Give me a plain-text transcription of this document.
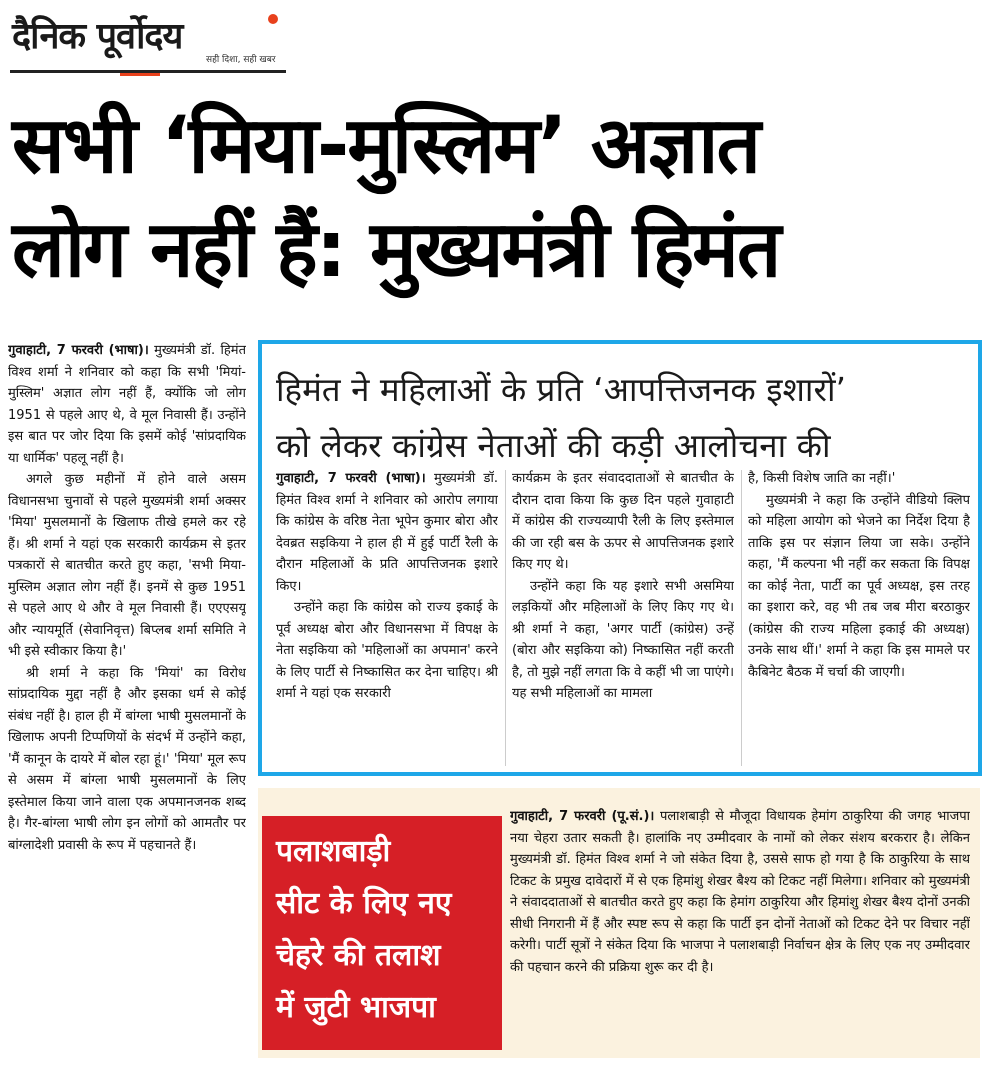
दैनिक पूर्वोदय
सही दिशा, सही खबर
सभी ‘मिया-मुस्लिम’ अज्ञात
लोग नहीं हैं: मुख्यमंत्री हिमंत

गुवाहाटी, 7 फरवरी (भाषा)। मुख्यमंत्री डॉ. हिमंत विश्व शर्मा ने शनिवार को कहा कि सभी 'मियां-मुस्लिम' अज्ञात लोग नहीं हैं, क्योंकि जो लोग 1951 से पहले आए थे, वे मूल निवासी हैं। उन्होंने इस बात पर जोर दिया कि इसमें कोई 'सांप्रदायिक या धार्मिक' पहलू नहीं है।

अगले कुछ महीनों में होने वाले असम विधानसभा चुनावों से पहले मुख्यमंत्री शर्मा अक्सर 'मिया' मुसलमानों के खिलाफ तीखे हमले कर रहे हैं। श्री शर्मा ने यहां एक सरकारी कार्यक्रम से इतर पत्रकारों से बातचीत करते हुए कहा, 'सभी मिया-मुस्लिम अज्ञात लोग नहीं हैं। इनमें से कुछ 1951 से पहले आए थे और वे मूल निवासी हैं। एएएसयू और न्यायमूर्ति (सेवानिवृत्त) बिप्लब शर्मा समिति ने भी इसे स्वीकार किया है।'

श्री शर्मा ने कहा कि 'मियां' का विरोध सांप्रदायिक मुद्दा नहीं है और इसका धर्म से कोई संबंध नहीं है। हाल ही में बांग्ला भाषी मुसलमानों के खिलाफ अपनी टिप्पणियों के संदर्भ में उन्होंने कहा, 'मैं कानून के दायरे में बोल रहा हूं।' 'मिया' मूल रूप से असम में बांग्ला भाषी मुसलमानों के लिए इस्तेमाल किया जाने वाला एक अपमानजनक शब्द है। गैर-बांग्ला भाषी लोग इन लोगों को आमतौर पर बांग्लादेशी प्रवासी के रूप में पहचानते हैं।

हिमंत ने महिलाओं के प्रति ‘आपत्तिजनक इशारों’
को लेकर कांग्रेस नेताओं की कड़ी आलोचना की

गुवाहाटी, 7 फरवरी (भाषा)। मुख्यमंत्री डॉ. हिमंत विश्व शर्मा ने शनिवार को आरोप लगाया कि कांग्रेस के वरिष्ठ नेता भूपेन कुमार बोरा और देवब्रत सइकिया ने हाल ही में हुई पार्टी रैली के दौरान महिलाओं के प्रति आपत्तिजनक इशारे किए।

उन्होंने कहा कि कांग्रेस को राज्य इकाई के पूर्व अध्यक्ष बोरा और विधानसभा में विपक्ष के नेता सइकिया को 'महिलाओं का अपमान' करने के लिए पार्टी से निष्कासित कर देना चाहिए। श्री शर्मा ने यहां एक सरकारी

कार्यक्रम के इतर संवाददाताओं से बातचीत के दौरान दावा किया कि कुछ दिन पहले गुवाहाटी में कांग्रेस की राज्यव्यापी रैली के लिए इस्तेमाल की जा रही बस के ऊपर से आपत्तिजनक इशारे किए गए थे।

उन्होंने कहा कि यह इशारे सभी असमिया लड़कियों और महिलाओं के लिए किए गए थे। श्री शर्मा ने कहा, 'अगर पार्टी (कांग्रेस) उन्हें (बोरा और सइकिया को) निष्कासित नहीं करती है, तो मुझे नहीं लगता कि वे कहीं भी जा पाएंगे। यह सभी महिलाओं का मामला

है, किसी विशेष जाति का नहीं।'

मुख्यमंत्री ने कहा कि उन्होंने वीडियो क्लिप को महिला आयोग को भेजने का निर्देश दिया है ताकि इस पर संज्ञान लिया जा सके। उन्होंने कहा, 'मैं कल्पना भी नहीं कर सकता कि विपक्ष का कोई नेता, पार्टी का पूर्व अध्यक्ष, इस तरह का इशारा करे, वह भी तब जब मीरा बरठाकुर (कांग्रेस की राज्य महिला इकाई की अध्यक्ष) उनके साथ थीं।' शर्मा ने कहा कि इस मामले पर कैबिनेट बैठक में चर्चा की जाएगी।

पलाशबाड़ी
सीट के लिए नए
चेहरे की तलाश
में जुटी भाजपा

गुवाहाटी, 7 फरवरी (पू.सं.)। पलाशबाड़ी से मौजूदा विधायक हेमांग ठाकुरिया की जगह भाजपा नया चेहरा उतार सकती है। हालांकि नए उम्मीदवार के नामों को लेकर संशय बरकरार है। लेकिन मुख्यमंत्री डॉ. हिमंत विश्व शर्मा ने जो संकेत दिया है, उससे साफ हो गया है कि ठाकुरिया के साथ टिकट के प्रमुख दावेदारों में से एक हिमांशु शेखर बैश्य को टिकट नहीं मिलेगा। शनिवार को मुख्यमंत्री ने संवाददाताओं से बातचीत करते हुए कहा कि हेमांग ठाकुरिया और हिमांशु शेखर बैश्य दोनों उनकी सीधी निगरानी में हैं और स्पष्ट रूप से कहा कि पार्टी इन दोनों नेताओं को टिकट देने पर विचार नहीं करेगी। पार्टी सूत्रों ने संकेत दिया कि भाजपा ने पलाशबाड़ी निर्वाचन क्षेत्र के लिए एक नए उम्मीदवार की पहचान करने की प्रक्रिया शुरू कर दी है।
